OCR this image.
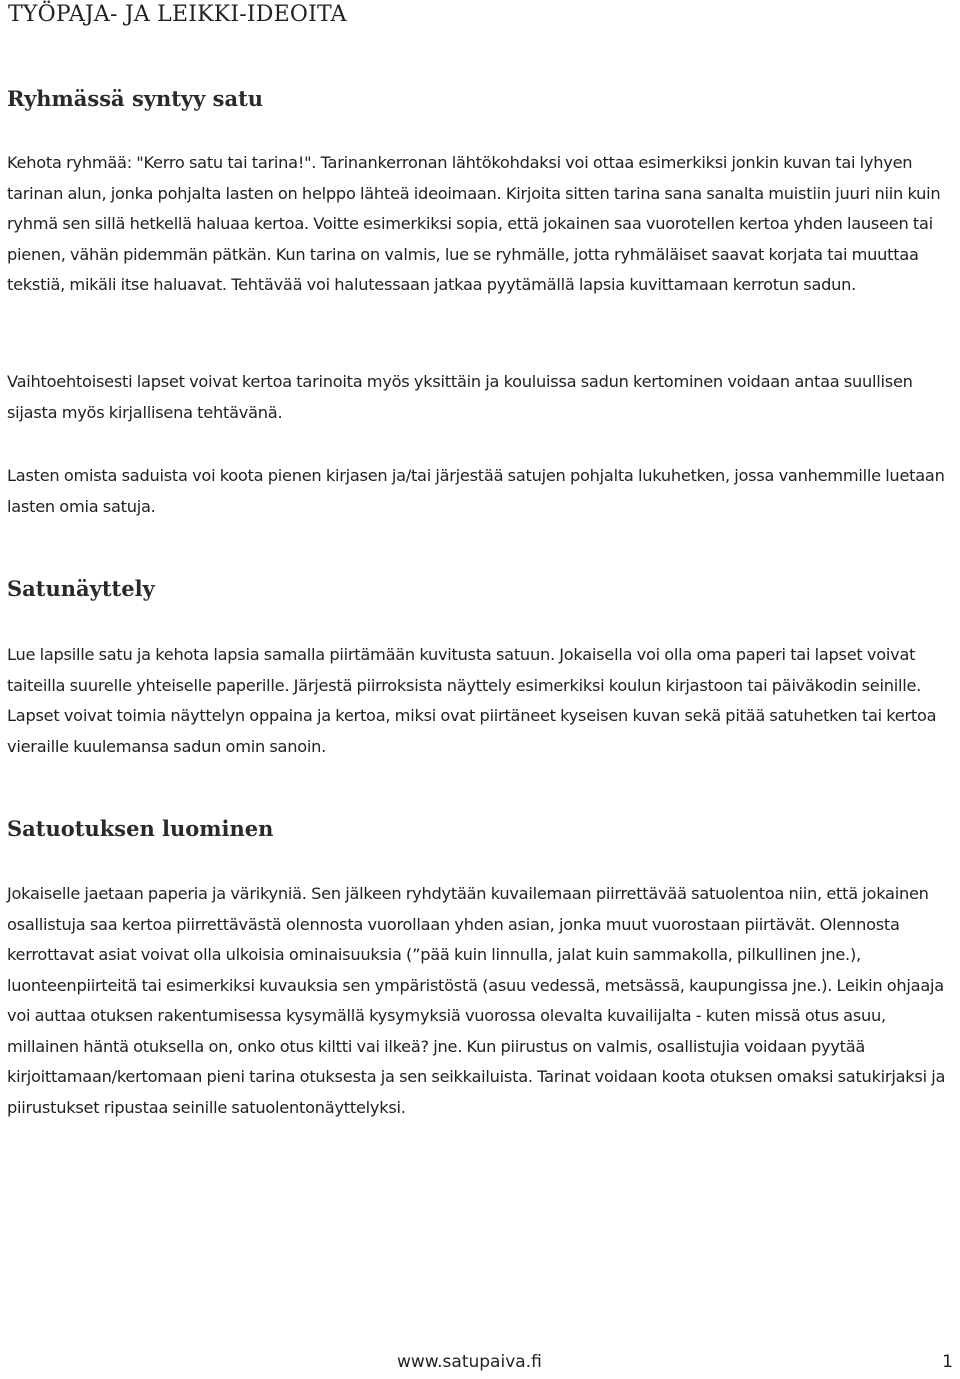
TYÖPAJA- JA LEIKKI-IDEOITA
Ryhmässä syntyy satu

Kehota ryhmää: "Kerro satu tai tarina!". Tarinankerronan lähtökohdaksi voi ottaa esimerkiksi jonkin kuvan tai lyhyen tarinan alun, jonka pohjalta lasten on helppo lähteä ideoimaan. Kirjoita sitten tarina sana sanalta muistiin juuri niin kuin ryhmä sen sillä hetkellä haluaa kertoa. Voitte esimerkiksi sopia, että jokainen saa vuorotellen kertoa yhden lauseen tai pienen, vähän pidemmän pätkän. Kun tarina on valmis, lue se ryhmälle, jotta ryhmäläiset saavat korjata tai muuttaa tekstiä, mikäli itse haluavat. Tehtävää voi halutessaan jatkaa pyytämällä lapsia kuvittamaan kerrotun sadun.

Vaihtoehtoisesti lapset voivat kertoa tarinoita myös yksittäin ja kouluissa sadun kertominen voidaan antaa suullisen sijasta myös kirjallisena tehtävänä.

Lasten omista saduista voi koota pienen kirjasen ja/tai järjestää satujen pohjalta lukuhetken, jossa vanhemmille luetaan lasten omia satuja.

Satunäyttely

Lue lapsille satu ja kehota lapsia samalla piirtämään kuvitusta satuun. Jokaisella voi olla oma paperi tai lapset voivat taiteilla suurelle yhteiselle paperille. Järjestä piirroksista näyttely esimerkiksi koulun kirjastoon tai päiväkodin seinille. Lapset voivat toimia näyttelyn oppaina ja kertoa, miksi ovat piirtäneet kyseisen kuvan sekä pitää satuhetken tai kertoa vieraille kuulemansa sadun omin sanoin.

Satuotuksen luominen

Jokaiselle jaetaan paperia ja värikyniä. Sen jälkeen ryhdytään kuvailemaan piirrettävää satuolentoa niin, että jokainen osallistuja saa kertoa piirrettävästä olennosta vuorollaan yhden asian, jonka muut vuorostaan piirtävät. Olennosta kerrottavat asiat voivat olla ulkoisia ominaisuuksia (”pää kuin linnulla, jalat kuin sammakolla, pilkullinen jne.), luonteenpiirteitä tai esimerkiksi kuvauksia sen ympäristöstä (asuu vedessä, metsässä, kaupungissa jne.). Leikin ohjaaja voi auttaa otuksen rakentumisessa kysymällä kysymyksiä vuorossa olevalta kuvailijalta - kuten missä otus asuu, millainen häntä otuksella on, onko otus kiltti vai ilkeä? jne. Kun piirustus on valmis, osallistujia voidaan pyytää kirjoittamaan/kertomaan pieni tarina otuksesta ja sen seikkailuista. Tarinat voidaan koota otuksen omaksi satukirjaksi ja piirustukset ripustaa seinille satuolentonäyttelyksi.

www.satupaiva.fi	1
